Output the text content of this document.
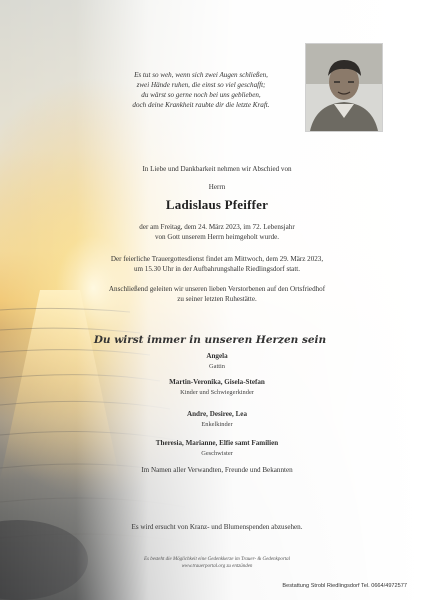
Es tut so weh, wenn sich zwei Augen schließen,
zwei Hände ruhen, die einst so viel geschafft;
du wärst so gerne noch bei uns geblieben,
doch deine Krankheit raubte dir die letzte Kraft.
In Liebe und Dankbarkeit nehmen wir Abschied von
Herrn
Ladislaus Pfeiffer
der am Freitag, dem 24. März 2023, im 72. Lebensjahr
von Gott unserem Herrn heimgeholt wurde.
Der feierliche Trauergottesdienst findet am Mittwoch, dem 29. März 2023,
um 15.30 Uhr in der Aufbahrungshalle Riedlingsdorf statt.
Anschließend geleiten wir unseren lieben Verstorbenen auf den Ortsfriedhof
zu seiner letzten Ruhestätte.
Du wirst immer in unseren Herzen sein
Angela
Gattin
Martin-Veronika, Gisela-Stefan
Kinder und Schwiegerkinder
Andre, Desiree, Lea
Enkelkinder
Theresia, Marianne, Elfie samt Familien
Geschwister
Im Namen aller Verwandten, Freunde und Bekannten
Es wird ersucht von Kranz- und Blumenspenden abzusehen.
Es besteht die Möglichkeit eine Gedenkkerze im Trauer- & Gedenkportal
www.trauerportal.org zu entzünden
Bestattung Strobl Riedlingsdorf Tel. 0664/4972577
